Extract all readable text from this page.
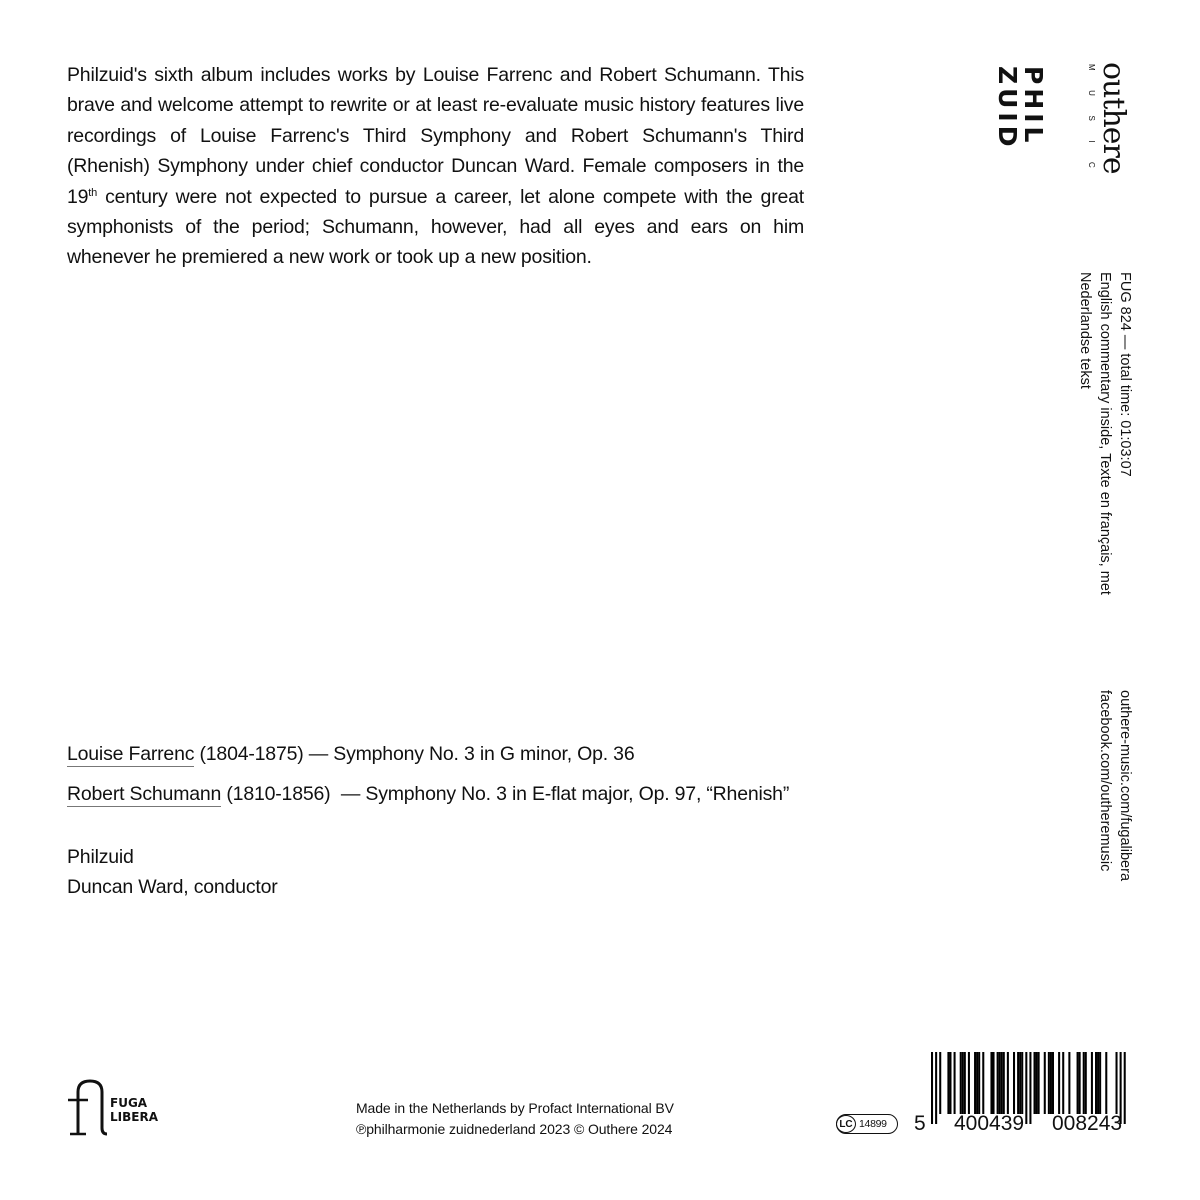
Philzuid's sixth album includes works by Louise Farrenc and Robert Schumann. This brave and welcome attempt to rewrite or at least re-evaluate music history features live recordings of Louise Farrenc's Third Symphony and Robert Schumann's Third (Rhenish) Symphony under chief conductor Duncan Ward. Female composers in the 19th century were not expected to pursue a career, let alone compete with the great symphonists of the period; Schumann, however, had all eyes and ears on him whenever he premiered a new work or took up a new position.
Louise Farrenc (1804-1875) — Symphony No. 3 in G minor, Op. 36
Robert Schumann (1810-1856)  — Symphony No. 3 in E-flat major, Op. 97, “Rhenish”
Philzuid
Duncan Ward, conductor
PHIL
ZUID outhere
MUSIC
FUG 824 — total time: 01:03:07
English commentary inside, Texte en français, met
Nederlandse tekst
outhere-music.com/fugalibera
facebook.com/outheremusic
FUGA
LIBERA
Made in the Netherlands by Profact International BV
℗philharmonie zuidnederland 2023 © Outhere 2024	LC 14899 5 400439 008243
